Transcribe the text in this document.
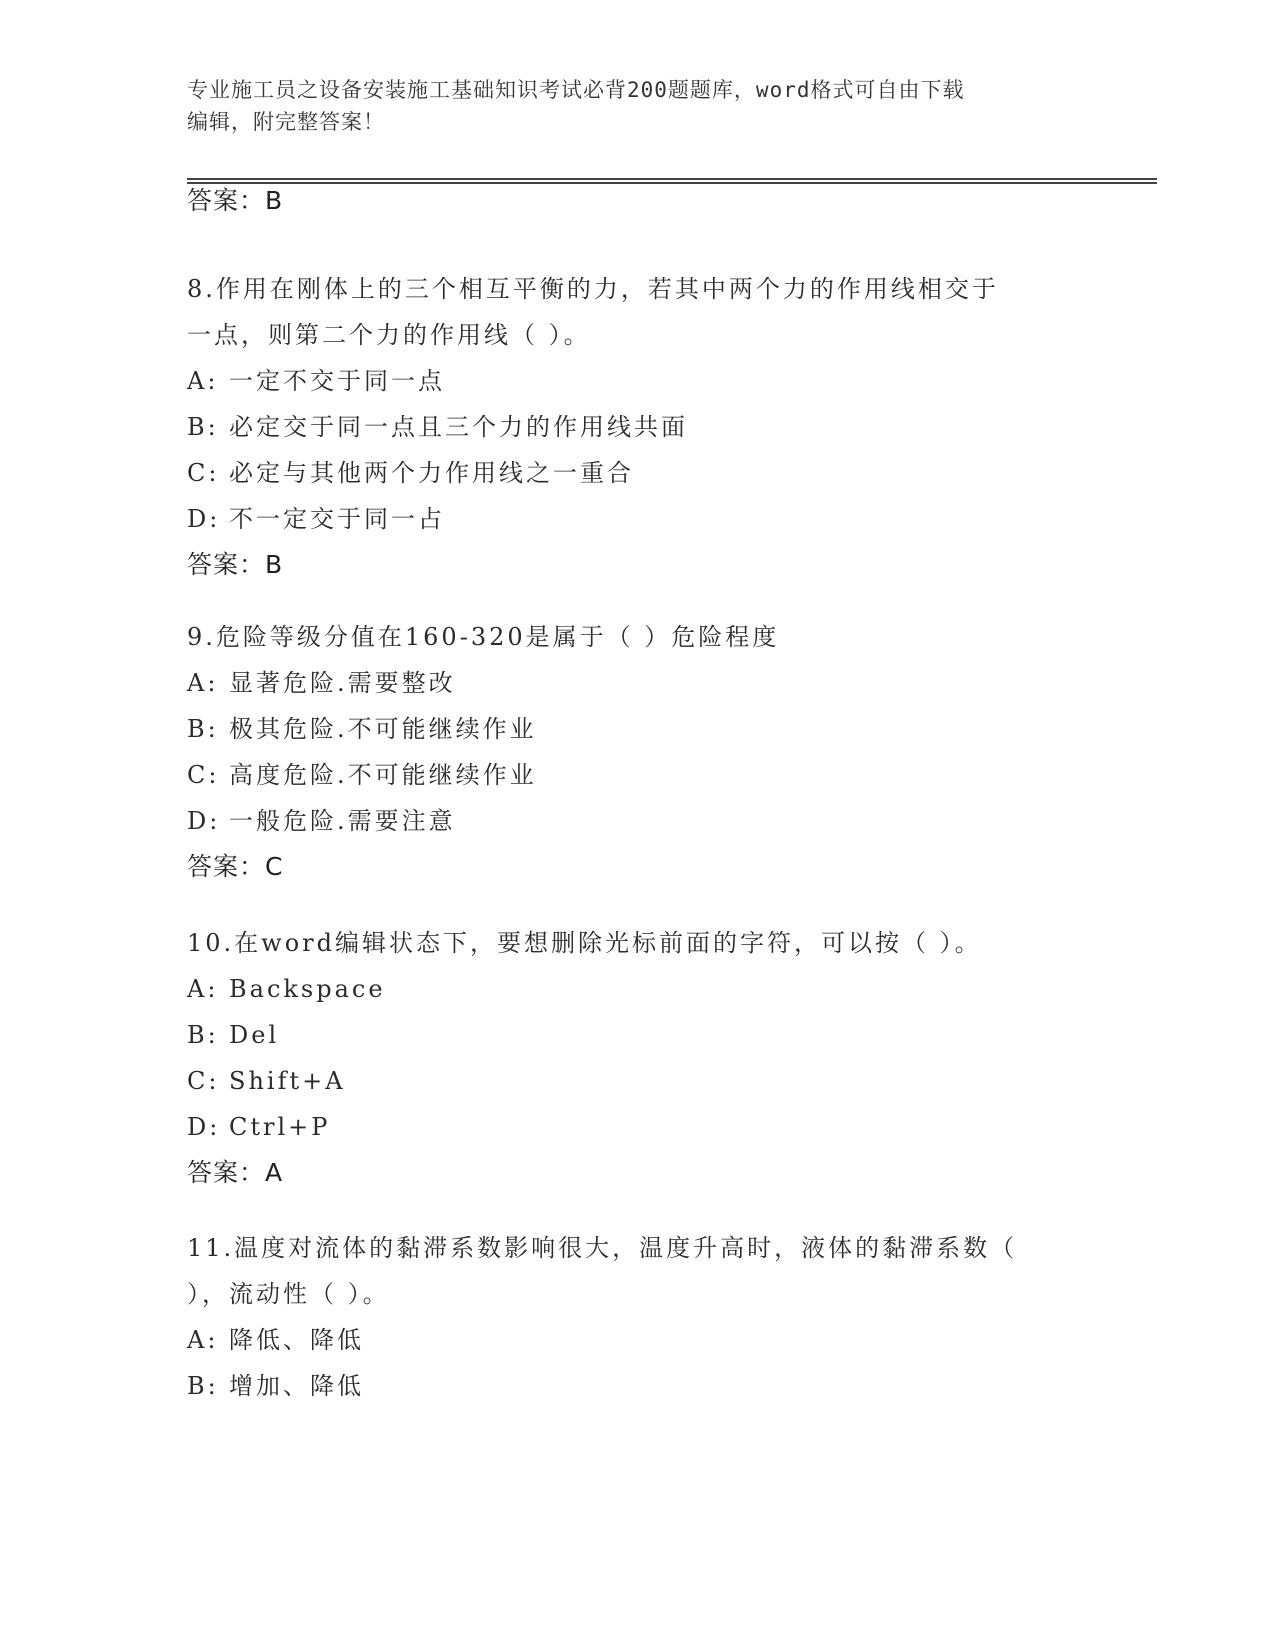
专业施工员之设备安装施工基础知识考试必背200题题库，word格式可自由下载
编辑，附完整答案！
答案：B
8.作用在刚体上的三个相互平衡的力，若其中两个力的作用线相交于
一点，则第二个力的作用线（ ）。
A: 一定不交于同一点
B: 必定交于同一点且三个力的作用线共面
C: 必定与其他两个力作用线之一重合
D: 不一定交于同一占
答案：B
9.危险等级分值在160-320是属于（ ）危险程度
A: 显著危险.需要整改
B: 极其危险.不可能继续作业
C: 高度危险.不可能继续作业
D: 一般危险.需要注意
答案：C
10.在word编辑状态下，要想删除光标前面的字符，可以按（ ）。
A: Backspace
B: Del
C: Shift+A
D: Ctrl+P
答案：A
11.温度对流体的黏滞系数影响很大，温度升高时，液体的黏滞系数（
），流动性（ ）。
A: 降低、降低
B: 增加、降低
